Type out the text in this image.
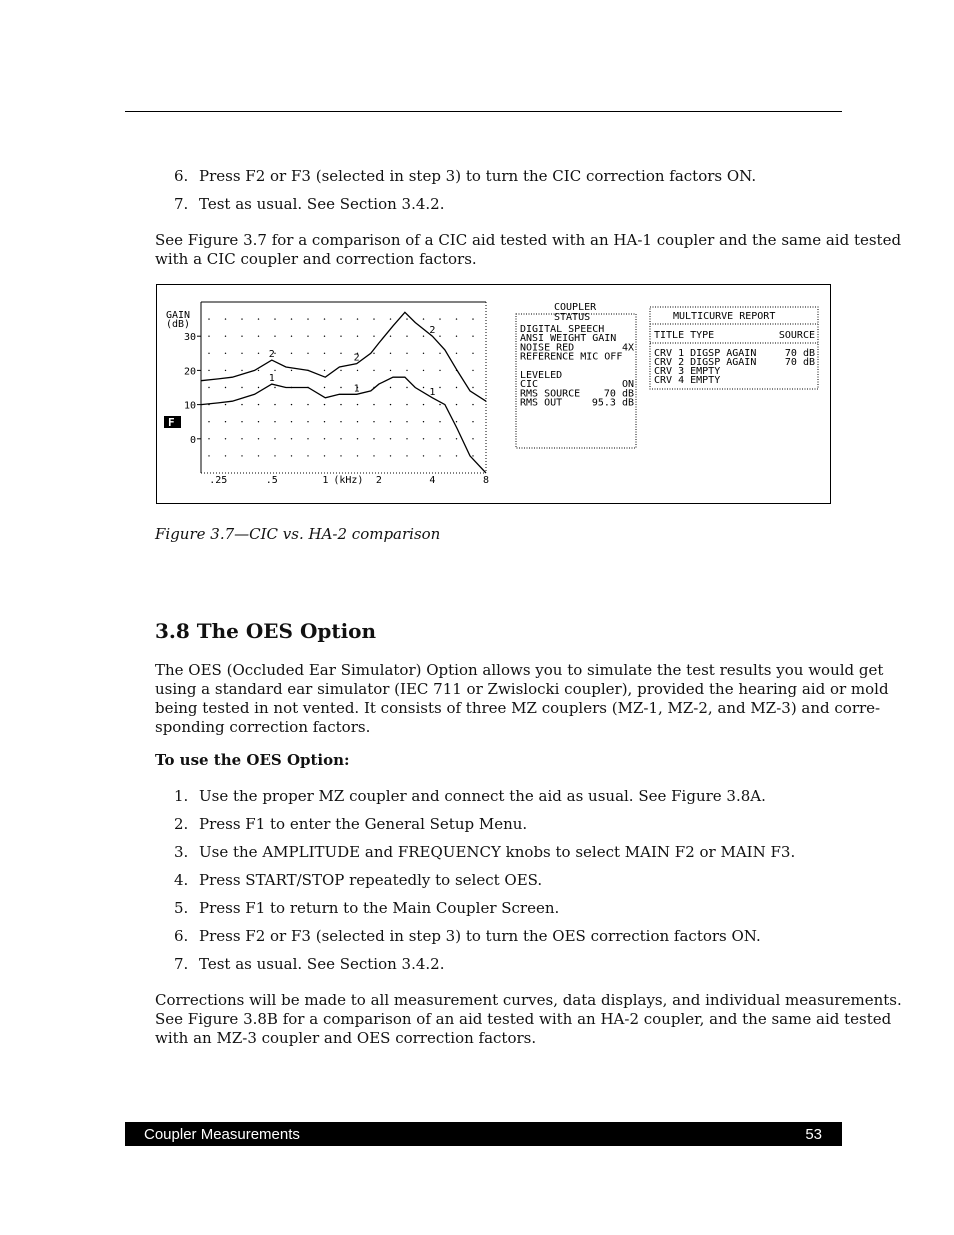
6. Press F2 or F3 (selected in step 3) to turn the CIC correction factors ON.
7. Test as usual. See Section 3.4.2.
See Figure 3.7 for a comparison of a CIC aid tested with an HA-1 coupler and the same aid tested
with a CIC coupler and correction factors.
GAIN
(dB)
30
20
10
0
.25	.5	1	2	4	8
(kHz)
F
2	2
2
1
1	1
COUPLER
STATUS
DIGITAL SPEECH
ANSI WEIGHT GAIN
NOISE RED	4X
REFERENCE MIC OFF
LEVELED
CIC	ON
RMS SOURCE 70 dB
RMS OUT	95.3 dB
MULTICURVE REPORT
TITLE TYPE	SOURCE
CRV 1 DIGSP AGAIN	70 dB
CRV 2 DIGSP AGAIN	70 dB
CRV 3 EMPTY
CRV 4 EMPTY
Figure 3.7—CIC vs. HA-2 comparison
3.8 The OES Option
The OES (Occluded Ear Simulator) Option allows you to simulate the test results you would get
using a standard ear simulator (IEC 711 or Zwislocki coupler), provided the hearing aid or mold
being tested in not vented. It consists of three MZ couplers (MZ-1, MZ-2, and MZ-3) and corre-
sponding correction factors.
To use the OES Option:
1. Use the proper MZ coupler and connect the aid as usual. See Figure 3.8A.
2. Press F1 to enter the General Setup Menu.
3. Use the AMPLITUDE and FREQUENCY knobs to select MAIN F2 or MAIN F3.
4. Press START/STOP repeatedly to select OES.
5. Press F1 to return to the Main Coupler Screen.
6. Press F2 or F3 (selected in step 3) to turn the OES correction factors ON.
7. Test as usual. See Section 3.4.2.
Corrections will be made to all measurement curves, data displays, and individual measurements.
See Figure 3.8B for a comparison of an aid tested with an HA-2 coupler, and the same aid tested
with an MZ-3 coupler and OES correction factors.
Coupler Measurements	53
